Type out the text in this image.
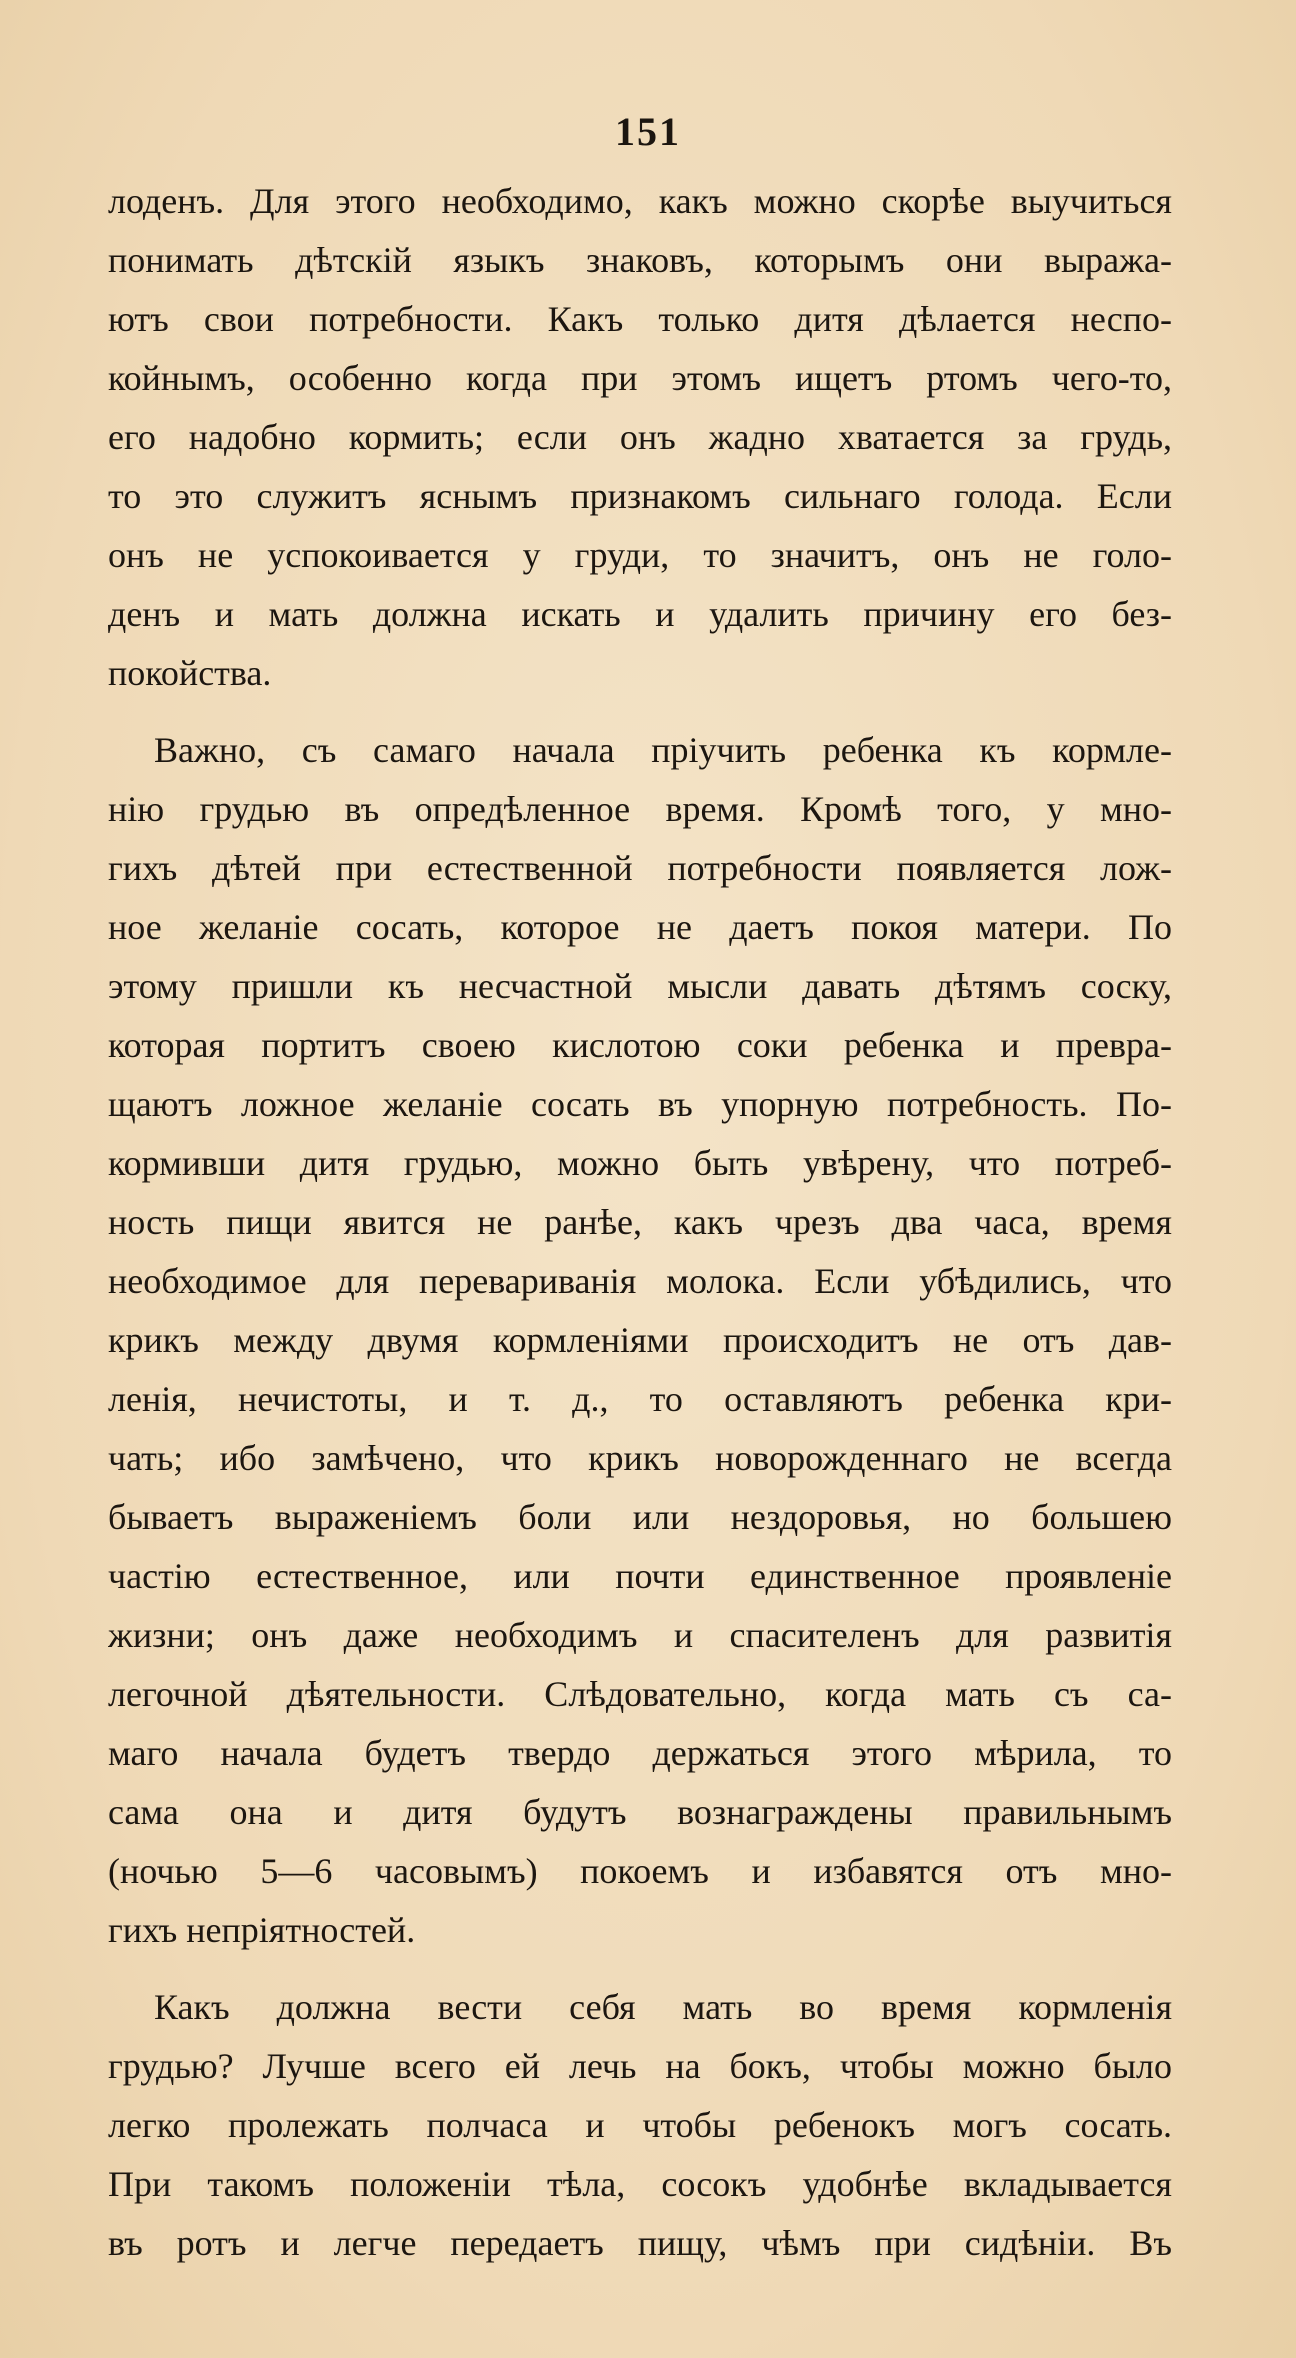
151
лоденъ. Для этого необходимо, какъ можно скорѣе выучиться
понимать дѣтскій языкъ знаковъ, которымъ они выража-
ютъ свои потребности. Какъ только дитя дѣлается неспо-
койнымъ, особенно когда при этомъ ищетъ ртомъ чего-то,
его надобно кормить; если онъ жадно хватается за грудь,
то это служитъ яснымъ признакомъ сильнаго голода. Если
онъ не успокоивается у груди, то значитъ, онъ не голо-
денъ и мать должна искать и удалить причину его без-
покойства.
Важно, съ самаго начала пріучить ребенка къ кормле-
нію грудью въ опредѣленное время. Кромѣ того, у мно-
гихъ дѣтей при естественной потребности появляется лож-
ное желаніе сосать, которое не даетъ покоя матери. По
этому пришли къ несчастной мысли давать дѣтямъ соску,
которая портитъ своею кислотою соки ребенка и превра-
щаютъ ложное желаніе сосать въ упорную потребность. По-
кормивши дитя грудью, можно быть увѣрену, что потреб-
ность пищи явится не ранѣе, какъ чрезъ два часа, время
необходимое для перевариванія молока. Если убѣдились, что
крикъ между двумя кормленіями происходитъ не отъ дав-
ленія, нечистоты, и т. д., то оставляютъ ребенка кри-
чать; ибо замѣчено, что крикъ новорожденнаго не всегда
бываетъ выраженіемъ боли или нездоровья, но большею
частію естественное, или почти единственное проявленіе
жизни; онъ даже необходимъ и спасителенъ для развитія
легочной дѣятельности. Слѣдовательно, когда мать съ са-
маго начала будетъ твердо держаться этого мѣрила, то
сама она и дитя будутъ вознаграждены правильнымъ
(ночью 5—6 часовымъ) покоемъ и избавятся отъ мно-
гихъ непріятностей.
Какъ должна вести себя мать во время кормленія
грудью? Лучше всего ей лечь на бокъ, чтобы можно было
легко пролежать полчаса и чтобы ребенокъ могъ сосать.
При такомъ положеніи тѣла, сосокъ удобнѣе вкладывается
въ ротъ и легче передаетъ пищу, чѣмъ при сидѣніи. Въ
